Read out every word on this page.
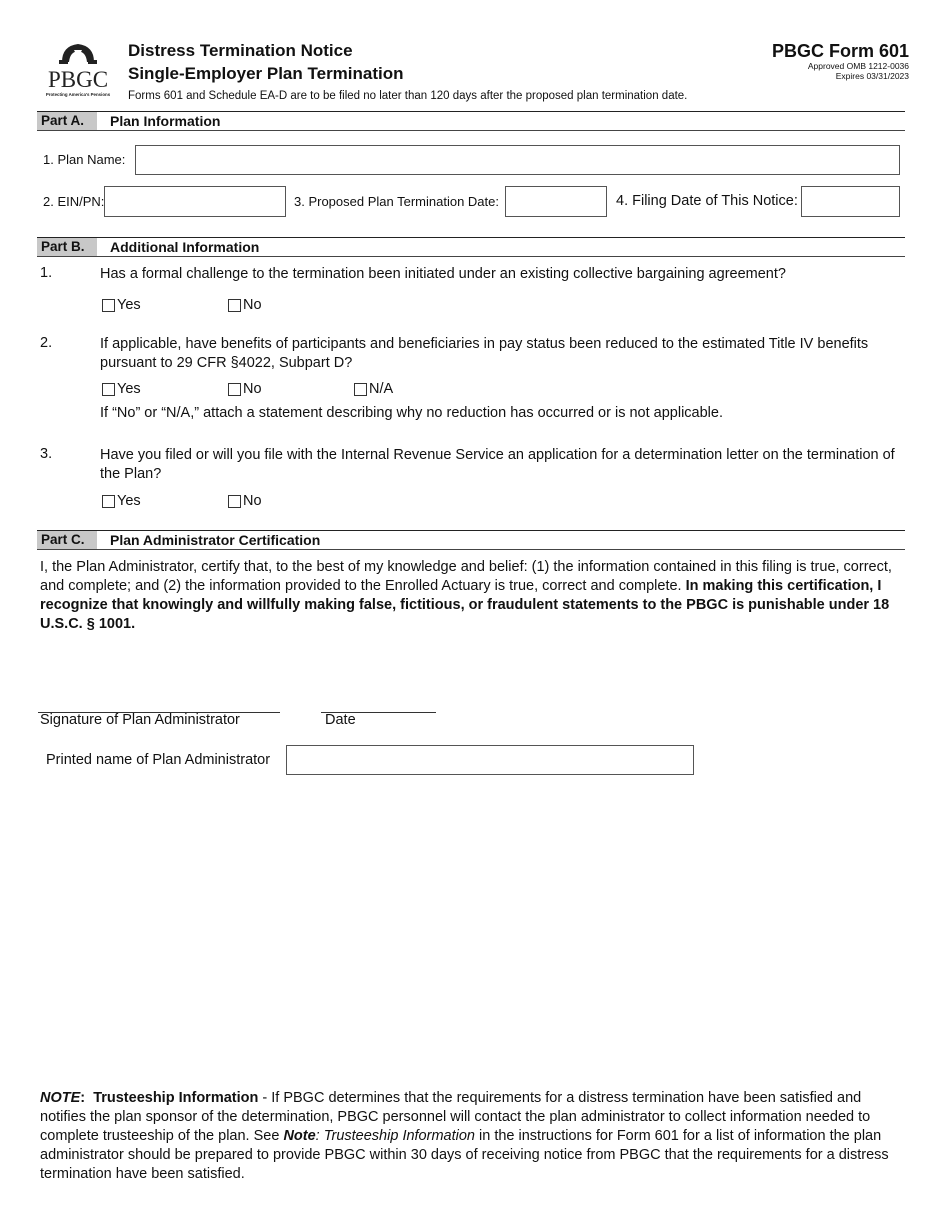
PBGC
Protecting America's Pensions
Distress Termination Notice
Single-Employer Plan Termination
PBGC Form 601
Approved OMB 1212-0036
Expires 03/31/2023
Forms 601 and Schedule EA-D are to be filed no later than 120 days after the proposed plan termination date.
Part A.	Plan Information
1. Plan Name:
2. EIN/PN:	3. Proposed Plan Termination Date:	4. Filing Date of This Notice:
Part B.	Additional Information
1.	Has a formal challenge to the termination been initiated under an existing collective bargaining agreement?
Yes	No
2.	If applicable, have benefits of participants and beneficiaries in pay status been reduced to the estimated Title IV benefits pursuant to 29 CFR §4022, Subpart D?
Yes	No	N/A
If “No” or “N/A,” attach a statement describing why no reduction has occurred or is not applicable.
3.	Have you filed or will you file with the Internal Revenue Service an application for a determination letter on the termination of the Plan?
Yes	No
Part C.	Plan Administrator Certification
I, the Plan Administrator, certify that, to the best of my knowledge and belief: (1) the information contained in this filing is true, correct, and complete; and (2) the information provided to the Enrolled Actuary is true, correct and complete. In making this certification, I recognize that knowingly and willfully making false, fictitious, or fraudulent statements to the PBGC is punishable under 18 U.S.C. § 1001.
Signature of Plan Administrator	Date
Printed name of Plan Administrator
NOTE: Trusteeship Information - If PBGC determines that the requirements for a distress termination have been satisfied and notifies the plan sponsor of the determination, PBGC personnel will contact the plan administrator to collect information needed to complete trusteeship of the plan. See Note: Trusteeship Information in the instructions for Form 601 for a list of information the plan administrator should be prepared to provide PBGC within 30 days of receiving notice from PBGC that the requirements for a distress termination have been satisfied.
